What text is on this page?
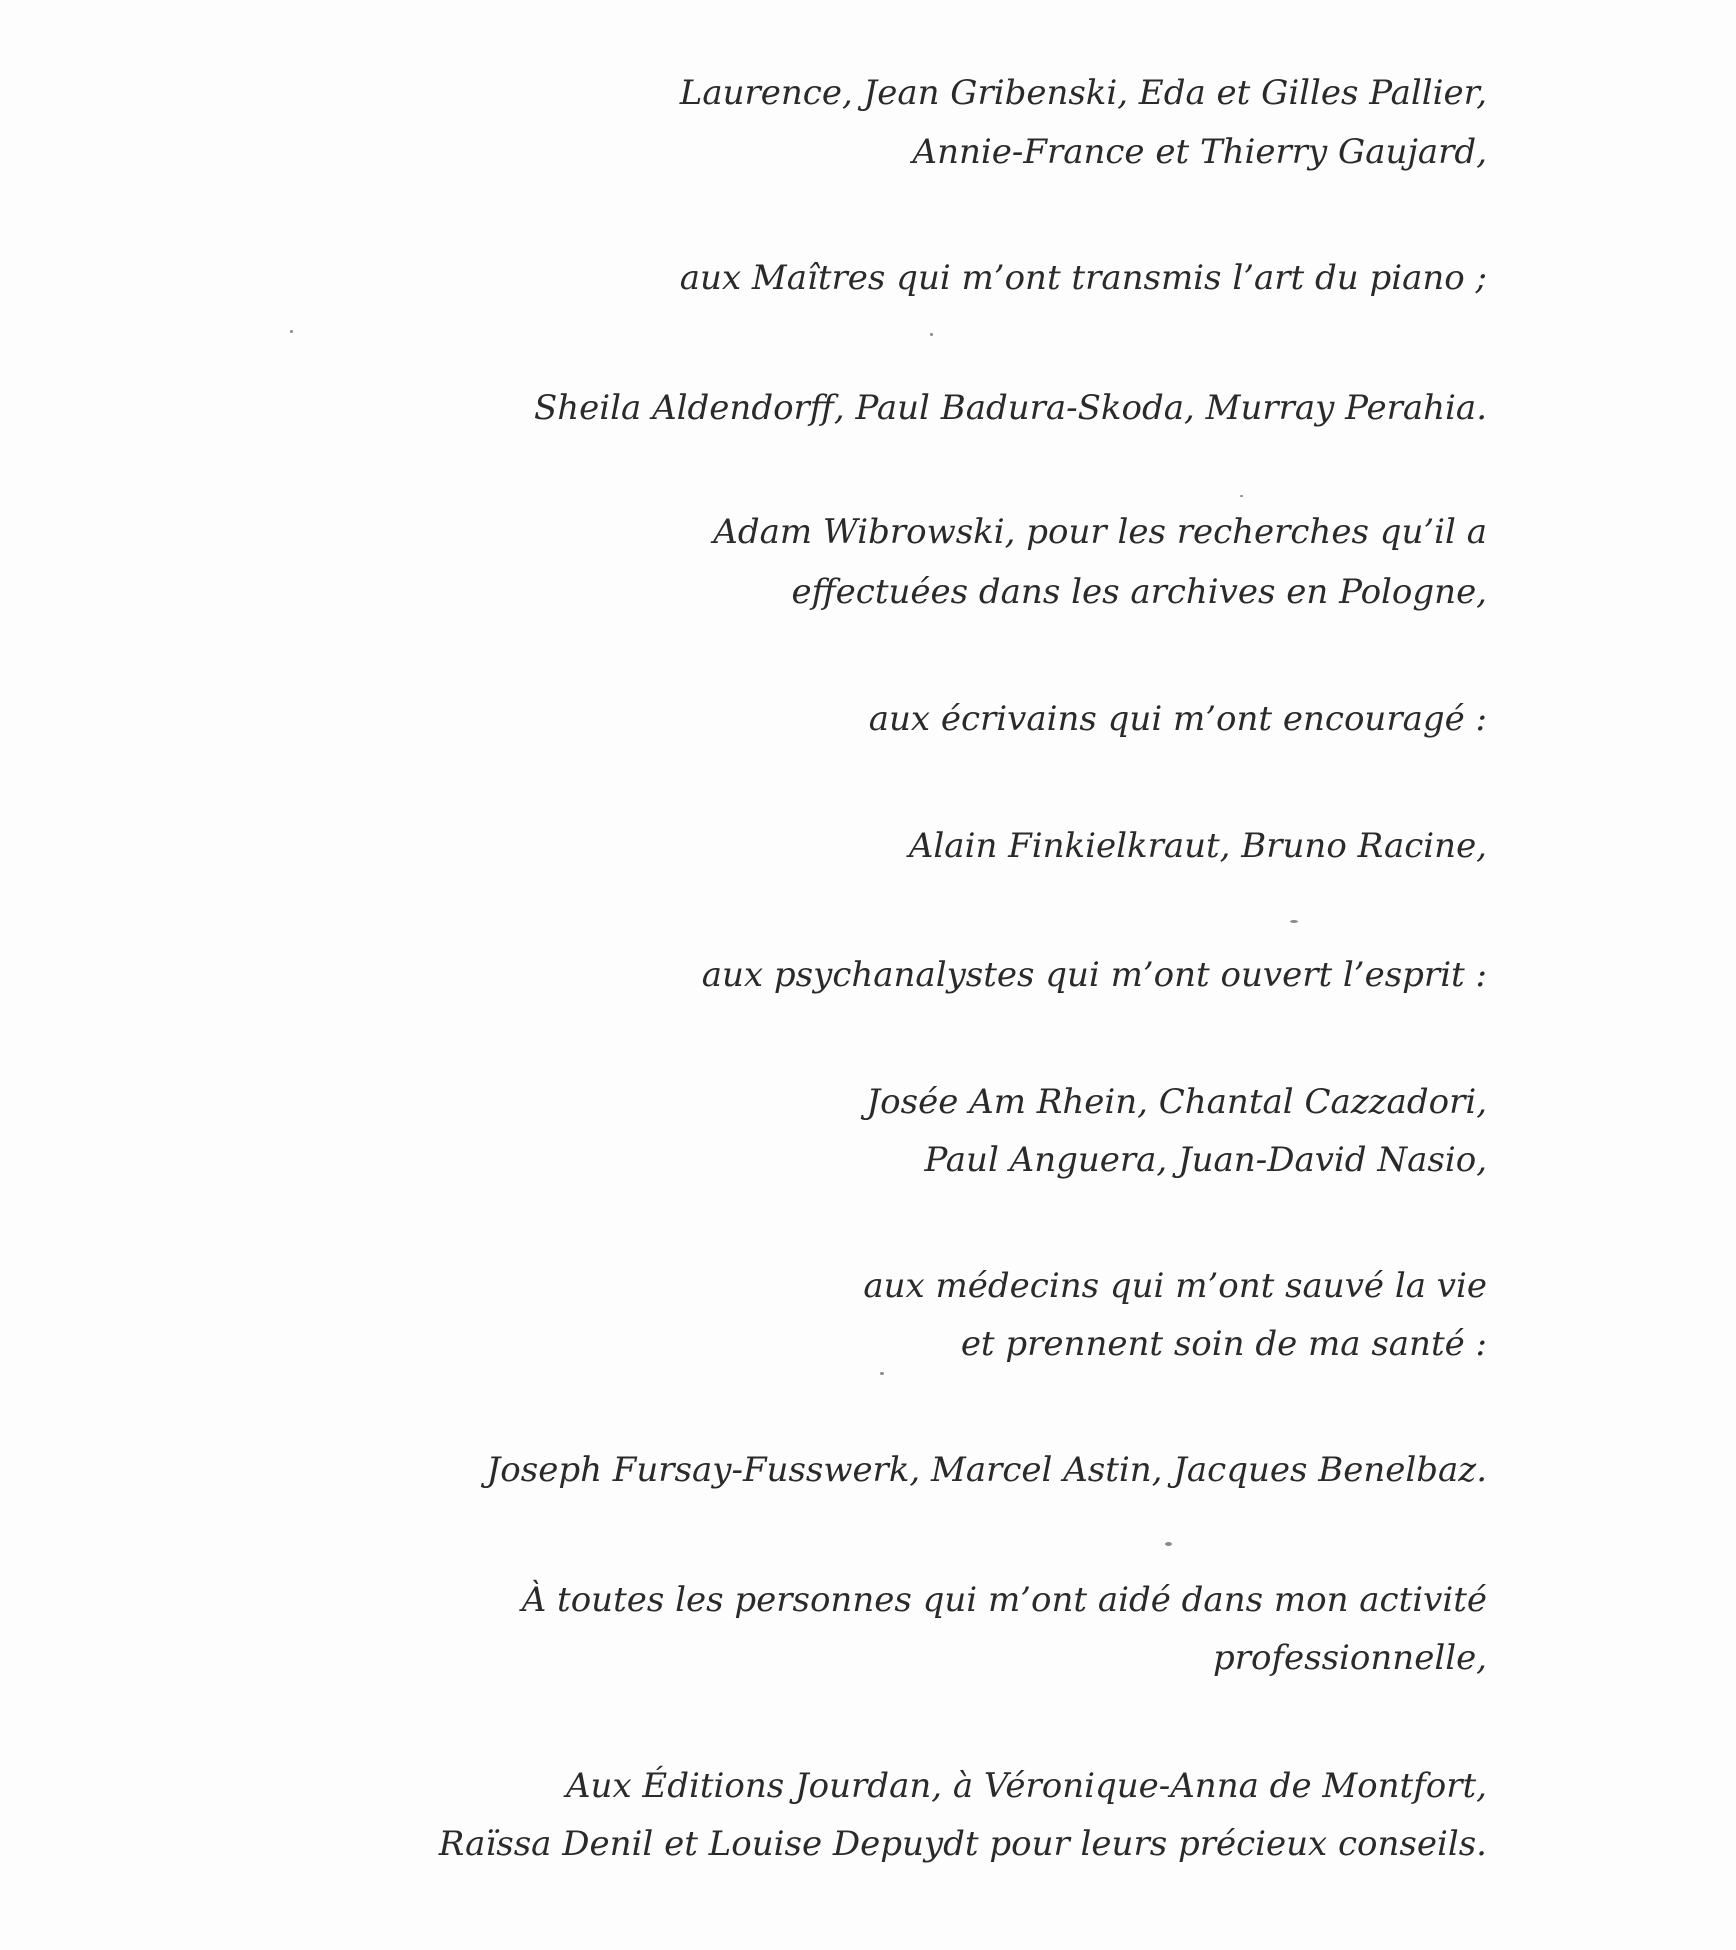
Laurence, Jean Gribenski, Eda et Gilles Pallier,
Annie-France et Thierry Gaujard,
aux Maîtres qui m’ont transmis l’art du piano ;
Sheila Aldendorff, Paul Badura-Skoda, Murray Perahia.
Adam Wibrowski, pour les recherches qu’il a
effectuées dans les archives en Pologne,
aux écrivains qui m’ont encouragé :
Alain Finkielkraut, Bruno Racine,
aux psychanalystes qui m’ont ouvert l’esprit :
Josée Am Rhein, Chantal Cazzadori,
Paul Anguera, Juan-David Nasio,
aux médecins qui m’ont sauvé la vie
et prennent soin de ma santé :
Joseph Fursay-Fusswerk, Marcel Astin, Jacques Benelbaz.
À toutes les personnes qui m’ont aidé dans mon activité
professionnelle,
Aux Éditions Jourdan, à Véronique-Anna de Montfort,
Raïssa Denil et Louise Depuydt pour leurs précieux conseils.
